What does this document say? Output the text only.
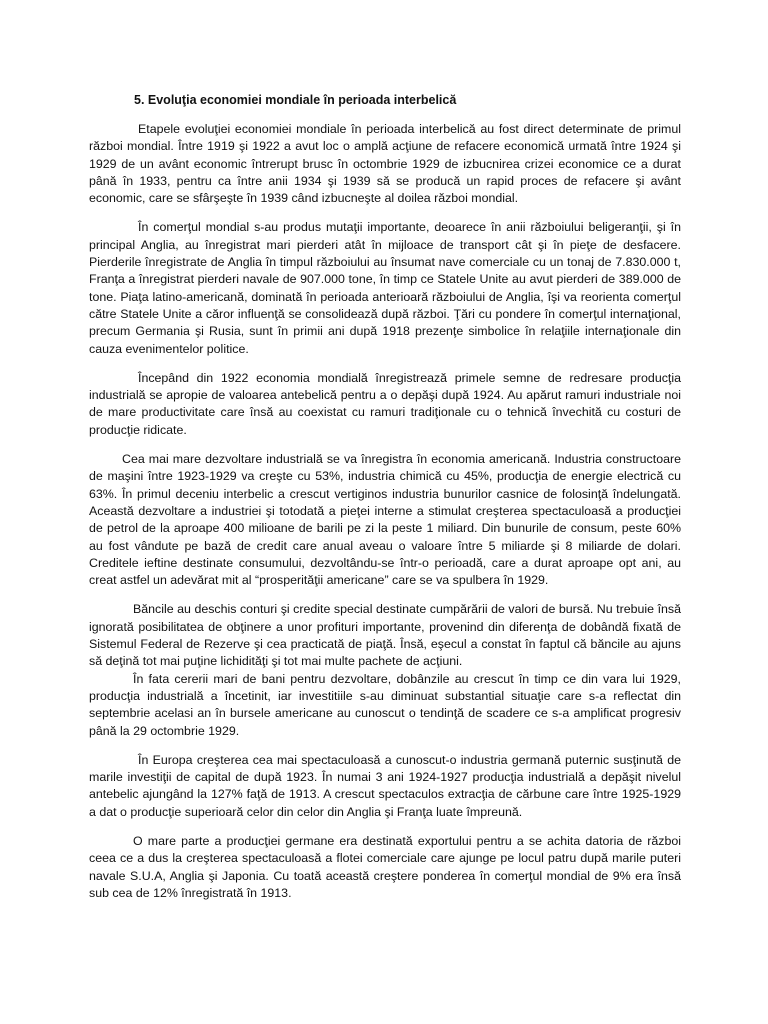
5. Evoluţia economiei mondiale în perioada interbelică

Etapele evoluţiei economiei mondiale în perioada interbelică au fost direct determinate de primul război mondial. Între 1919 şi 1922 a avut loc o amplă acţiune de refacere economică urmată între 1924 şi 1929 de un avânt economic întrerupt brusc în octombrie 1929 de izbucnirea crizei economice ce a durat până în 1933, pentru ca între anii 1934 şi 1939 să se producă un rapid proces de refacere şi avânt economic, care se sfârşeşte în 1939 când izbucneşte al doilea război mondial.

În comerţul mondial s-au produs mutaţii importante, deoarece în anii războiului beligeranţii, şi în principal Anglia, au înregistrat mari pierderi atât în mijloace de transport cât şi în pieţe de desfacere. Pierderile înregistrate de Anglia în timpul războiului au însumat nave comerciale cu un tonaj de 7.830.000 t, Franţa a înregistrat pierderi navale de 907.000 tone, în timp ce Statele Unite au avut pierderi de 389.000 de tone. Piaţa latino-americană, dominată în perioada anterioară războiului de Anglia, îşi va reorienta comerţul către Statele Unite a căror influenţă se consolidează după război. Ţări cu pondere în comerţul internaţional, precum Germania şi Rusia, sunt în primii ani după 1918 prezenţe simbolice în relaţiile internaţionale din cauza evenimentelor politice.

Începând din 1922 economia mondială înregistrează primele semne de redresare producţia industrială se apropie de valoarea antebelică pentru a o depăşi după 1924. Au apărut ramuri industriale noi de mare productivitate care însă au coexistat cu ramuri tradiţionale cu o tehnică învechită cu costuri de producţie ridicate.

Cea mai mare dezvoltare industrială se va înregistra în economia americană. Industria constructoare de maşini între 1923-1929 va creşte cu 53%, industria chimică cu 45%, producţia de energie electrică cu 63%. În primul deceniu interbelic a crescut vertiginos industria bunurilor casnice de folosinţă îndelungată. Această dezvoltare a industriei şi totodată a pieţei interne a stimulat creşterea spectaculoasă a producţiei de petrol de la aproape 400 milioane de barili pe zi la peste 1 miliard. Din bunurile de consum, peste 60% au fost vândute pe bază de credit care anual aveau o valoare între 5 miliarde şi 8 miliarde de dolari. Creditele ieftine destinate consumului, dezvoltându-se într-o perioadă, care a durat aproape opt ani, au creat astfel un adevărat mit al “prosperităţii americane” care se va spulbera în 1929.

Băncile au deschis conturi şi credite special destinate cumpărării de valori de bursă. Nu trebuie însă ignorată posibilitatea de obţinere a unor profituri importante, provenind din diferenţa de dobândă fixată de Sistemul Federal de Rezerve şi cea practicată de piaţă. Însă, eşecul a constat în faptul că băncile au ajuns să deţină tot mai puţine lichidităţi şi tot mai multe pachete de acţiuni.

În fata cererii mari de bani pentru dezvoltare, dobânzile au crescut în timp ce din vara lui 1929, producţia industrială a încetinit, iar investitiile s-au diminuat substantial situaţie care s-a reflectat din septembrie acelasi an în bursele americane au cunoscut o tendinţă de scadere ce s-a amplificat progresiv până la 29 octombrie 1929.

În Europa creşterea cea mai spectaculoasă a cunoscut-o industria germană puternic susţinută de marile investiţii de capital de după 1923. În numai 3 ani 1924-1927 producţia industrială a depăşit nivelul antebelic ajungând la 127% faţă de 1913. A crescut spectaculos extracţia de cărbune care între 1925-1929 a dat o producţie superioară celor din celor din Anglia şi Franţa luate împreună.

O mare parte a producţiei germane era destinată exportului pentru a se achita datoria de război ceea ce a dus la creşterea spectaculoasă a flotei comerciale care ajunge pe locul patru după marile puteri navale S.U.A, Anglia şi Japonia. Cu toată această creştere ponderea în comerţul mondial de 9% era însă sub cea de 12% înregistrată în 1913.
